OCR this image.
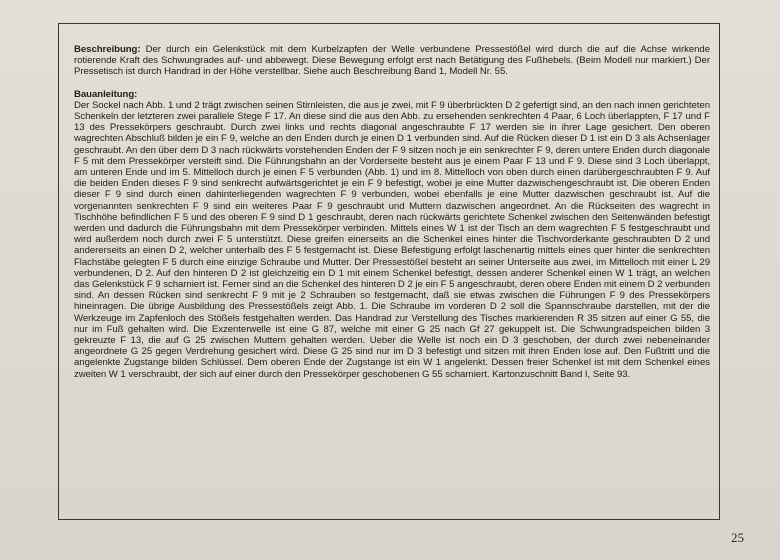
Beschreibung: Der durch ein Gelenkstück mit dem Kurbelzapfen der Welle verbundene Pressestößel wird durch die auf die Achse wirkende rotierende Kraft des Schwungrades auf- und abbewegt. Diese Bewegung erfolgt erst nach Betätigung des Fußhebels. (Beim Modell nur markiert.) Der Pressetisch ist durch Handrad in der Höhe verstellbar. Siehe auch Beschreibung Band 1, Modell Nr. 55.

Bauanleitung:

Der Sockel nach Abb. 1 und 2 trägt zwischen seinen Stirnleisten, die aus je zwei, mit F 9 überbrückten D 2 gefertigt sind, an den nach innen gerichteten Schenkeln der letzteren zwei parallele Stege F 17. An diese sind die aus den Abb. zu ersehenden senkrechten 4 Paar, 6 Loch überlappten, F 17 und F 13 des Pressekörpers geschraubt. Durch zwei links und rechts diagonal angeschraubte F 17 werden sie in ihrer Lage gesichert. Den oberen wagrechten Abschluß bilden je ein F 9, welche an den Enden durch je einen D 1 verbunden sind. Auf die Rücken dieser D 1 ist ein D 3 als Achsenlager geschraubt. An den über dem D 3 nach rückwärts vorstehenden Enden der F 9 sitzen noch je ein senkrechter F 9, deren untere Enden durch diagonale F 5 mit dem Pressekörper versteift sind. Die Führungsbahn an der Vorderseite besteht aus je einem Paar F 13 und F 9. Diese sind 3 Loch überlappt, am unteren Ende und im 5. Mittelloch durch je einen F 5 verbunden (Abb. 1) und im 8. Mittelloch von oben durch einen darübergeschraubten F 9. Auf die beiden Enden dieses F 9 sind senkrecht aufwärtsgerichtet je ein F 9 befestigt, wobei je eine Mutter dazwischengeschraubt ist. Die oberen Enden dieser F 9 sind durch einen dahinterliegenden wagrechten F 9 verbunden, wobei ebenfalls je eine Mutter dazwischen geschraubt ist. Auf die vorgenannten senkrechten F 9 sind ein weiteres Paar F 9 geschraubt und Muttern dazwischen angeordnet. An die Rückseiten des wagrecht in Tischhöhe befindlichen F 5 und des oberen F 9 sind D 1 geschraubt, deren nach rückwärts gerichtete Schenkel zwischen den Seitenwänden befestigt werden und dadurch die Führungsbahn mit dem Pressekörper verbinden. Mittels eines W 1 ist der Tisch an dem wagrechten F 5 festgeschraubt und wird außerdem noch durch zwei F 5 unterstützt. Diese greifen einerseits an die Schenkel eines hinter die Tischvorderkante geschraubten D 2 und andererseits an einen D 2, welcher unterhalb des F 5 festgemacht ist. Diese Befestigung erfolgt laschenartig mittels eines quer hinter die senkrechten Flachstäbe gelegten F 5 durch eine einzige Schraube und Mutter. Der Pressestößel besteht an seiner Unterseite aus zwei, im Mittelloch mit einer L 29 verbundenen, D 2. Auf den hinteren D 2 ist gleichzeitig ein D 1 mit einem Schenkel befestigt, dessen anderer Schenkel einen W 1 trägt, an welchen das Gelenkstück F 9 scharniert ist. Ferner sind an die Schenkel des hinteren D 2 je ein F 5 angeschraubt, deren obere Enden mit einem D 2 verbunden sind. An dessen Rücken sind senkrecht F 9 mit je 2 Schrauben so festgemacht, daß sie etwas zwischen die Führungen F 9 des Pressekörpers hineinragen. Die übrige Ausbildung des Pressestößels zeigt Abb. 1. Die Schraube im vorderen D 2 soll die Spannschraube darstellen, mit der die Werkzeuge im Zapfenloch des Stößels festgehalten werden. Das Handrad zur Verstellung des Tisches markierenden R 35 sitzen auf einer G 55, die nur im Fuß gehalten wird. Die Exzenterwelle ist eine G 87, welche mit einer G 25 nach Gf 27 gekuppelt ist. Die Schwungradspeichen bilden 3 gekreuzte F 13, die auf G 25 zwischen Muttern gehalten werden. Ueber die Welle ist noch ein D 3 geschoben, der durch zwei nebeneinander angeordnete G 25 gegen Verdrehung gesichert wird. Diese G 25 sind nur im D 3 befestigt und sitzen mit ihren Enden lose auf. Den Fußtritt und die angelenkte Zugstange bilden Schlüssel. Dem oberen Ende der Zugstange ist ein W 1 angelenkt. Dessen freier Schenkel ist mit dem Schenkel eines zweiten W 1 verschraubt, der sich auf einer durch den Pressekörper geschobenen G 55 scharniert. Kartonzuschnitt Band I, Seite 93.

25
